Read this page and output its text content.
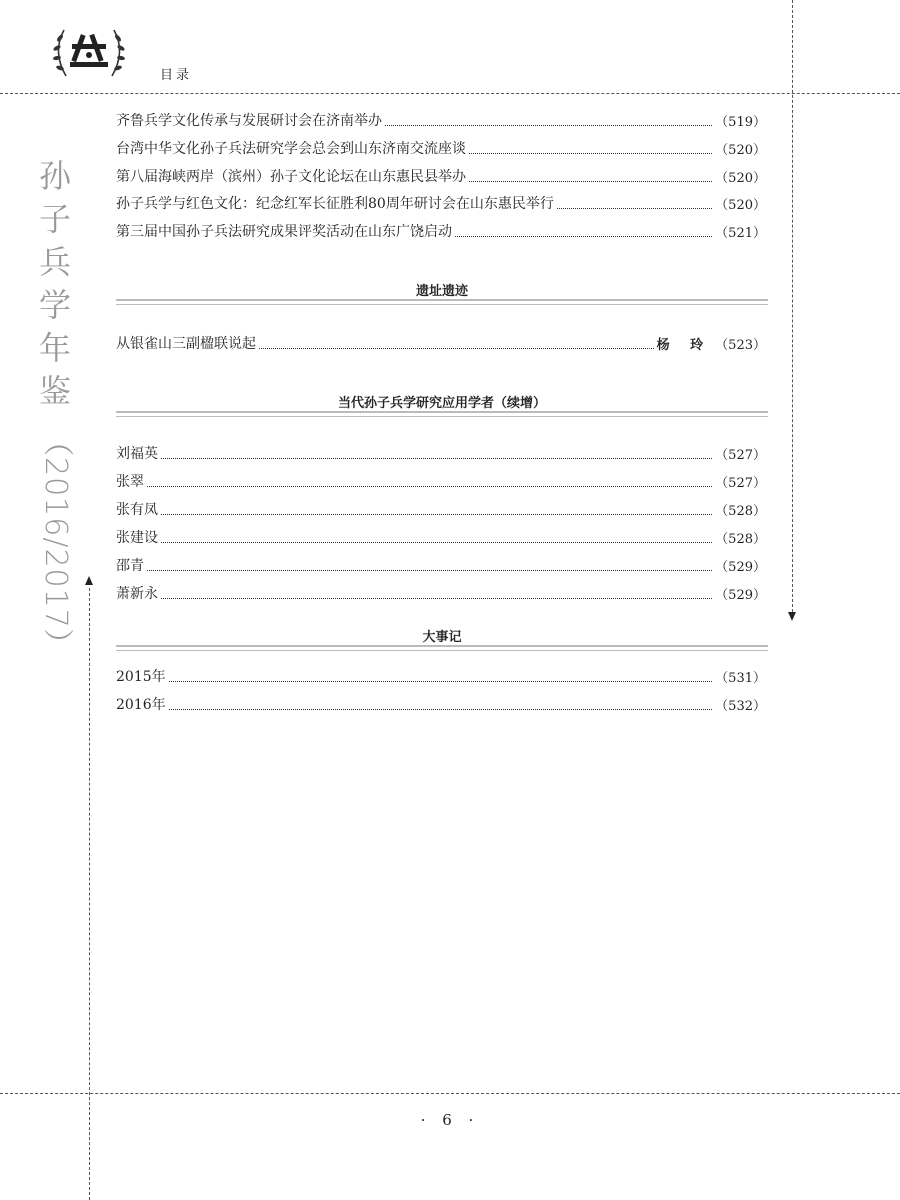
目录
孙
子
兵
学
年
鉴
（2016/2017）
齐鲁兵学文化传承与发展研讨会在济南举办	（519）
台湾中华文化孙子兵法研究学会总会到山东济南交流座谈	（520）
第八届海峡两岸（滨州）孙子文化论坛在山东惠民县举办	（520）
孙子兵学与红色文化：纪念红军长征胜利80周年研讨会在山东惠民举行	（520）
第三届中国孙子兵法研究成果评奖活动在山东广饶启动	（521）
遗址遗迹
从银雀山三副楹联说起	杨 玲 （523）
当代孙子兵学研究应用学者（续增）
刘福英	（527）
张翠	（527）
张有凤	（528）
张建设	（528）
邵青	（529）
萧新永	（529）
大事记
2015年	（531）
2016年	（532）
· 6 ·
